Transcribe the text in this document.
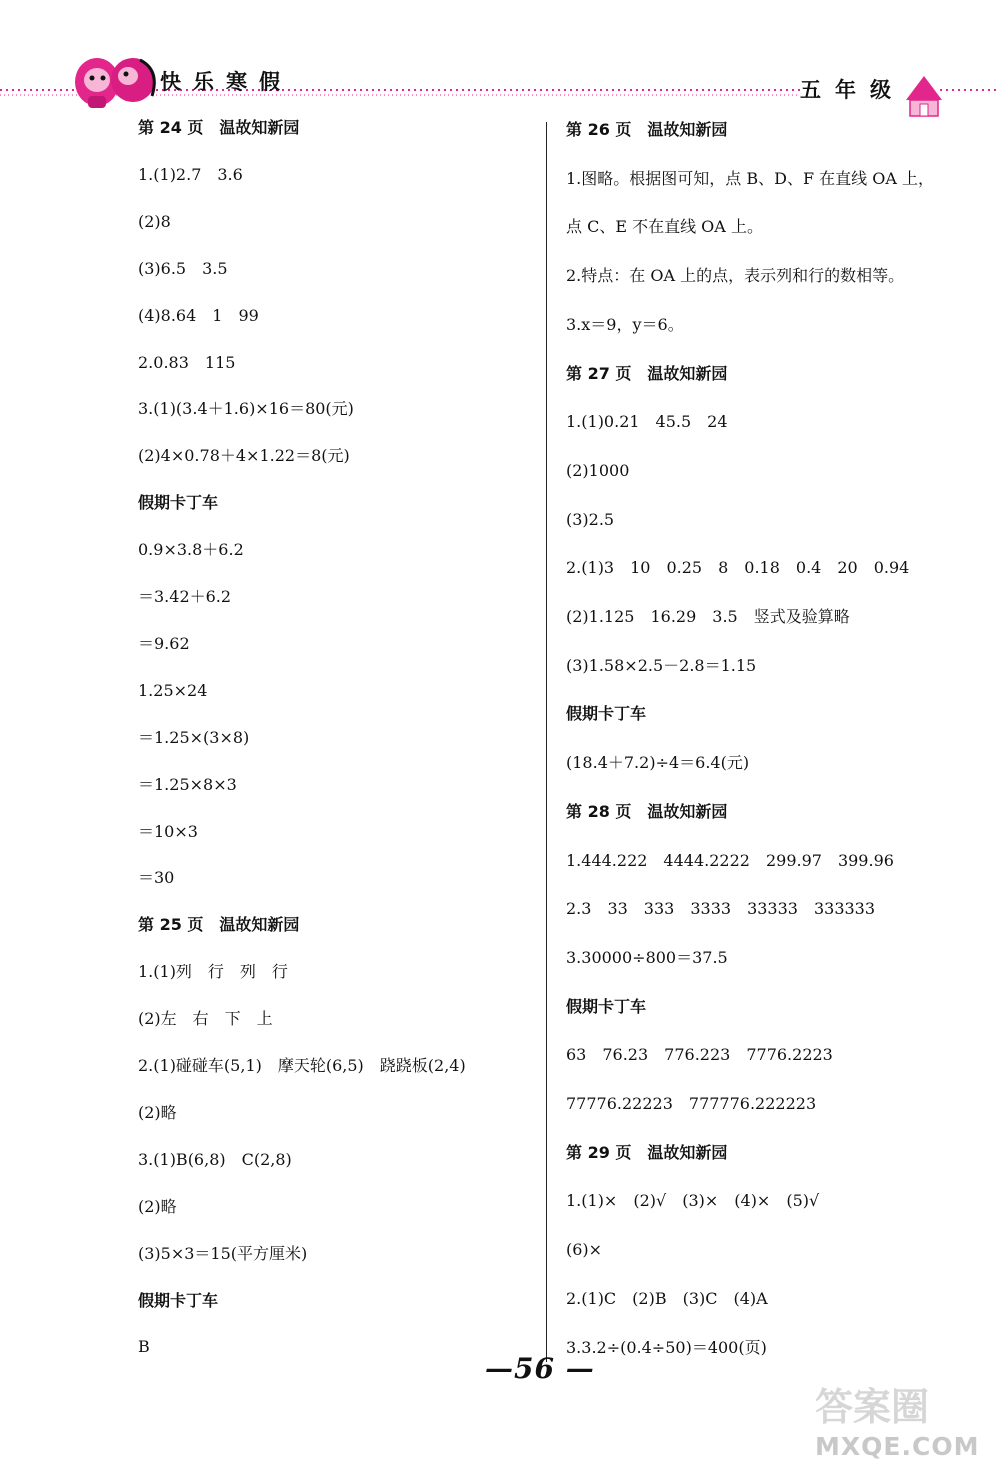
快乐寒假	五年级
第 24 页　温故知新园
1.(1)2.7　3.6
(2)8
(3)6.5　3.5
(4)8.64　1　99
2.0.83　115
3.(1)(3.4＋1.6)×16＝80(元)
(2)4×0.78＋4×1.22＝8(元)
假期卡丁车
0.9×3.8＋6.2
＝3.42＋6.2
＝9.62
1.25×24
＝1.25×(3×8)
＝1.25×8×3
＝10×3
＝30
第 25 页　温故知新园
1.(1)列　行　列　行
(2)左　右　下　上
2.(1)碰碰车(5,1)　摩天轮(6,5)　跷跷板(2,4)
(2)略
3.(1)B(6,8)　C(2,8)
(2)略
(3)5×3＝15(平方厘米)
假期卡丁车
B
第 26 页　温故知新园
1.图略。根据图可知，点 B、D、F 在直线 OA 上，
点 C、E 不在直线 OA 上。
2.特点：在 OA 上的点，表示列和行的数相等。
3.x＝9，y＝6。
第 27 页　温故知新园
1.(1)0.21　45.5　24
(2)1000
(3)2.5
2.(1)3　10　0.25　8　0.18　0.4　20　0.94
(2)1.125　16.29　3.5　竖式及验算略
(3)1.58×2.5－2.8＝1.15
假期卡丁车
(18.4＋7.2)÷4＝6.4(元)
第 28 页　温故知新园
1.444.222　4444.2222　299.97　399.96
2.3　33　333　3333　33333　333333
3.30000÷800＝37.5
假期卡丁车
63　76.23　776.223　7776.2223
77776.22223　777776.222223
第 29 页　温故知新园
1.(1)×　(2)√　(3)×　(4)×　(5)√
(6)×
2.(1)C　(2)B　(3)C　(4)A
3.3.2÷(0.4÷50)＝400(页)
—56 —
答案圈
MXQE.COM
